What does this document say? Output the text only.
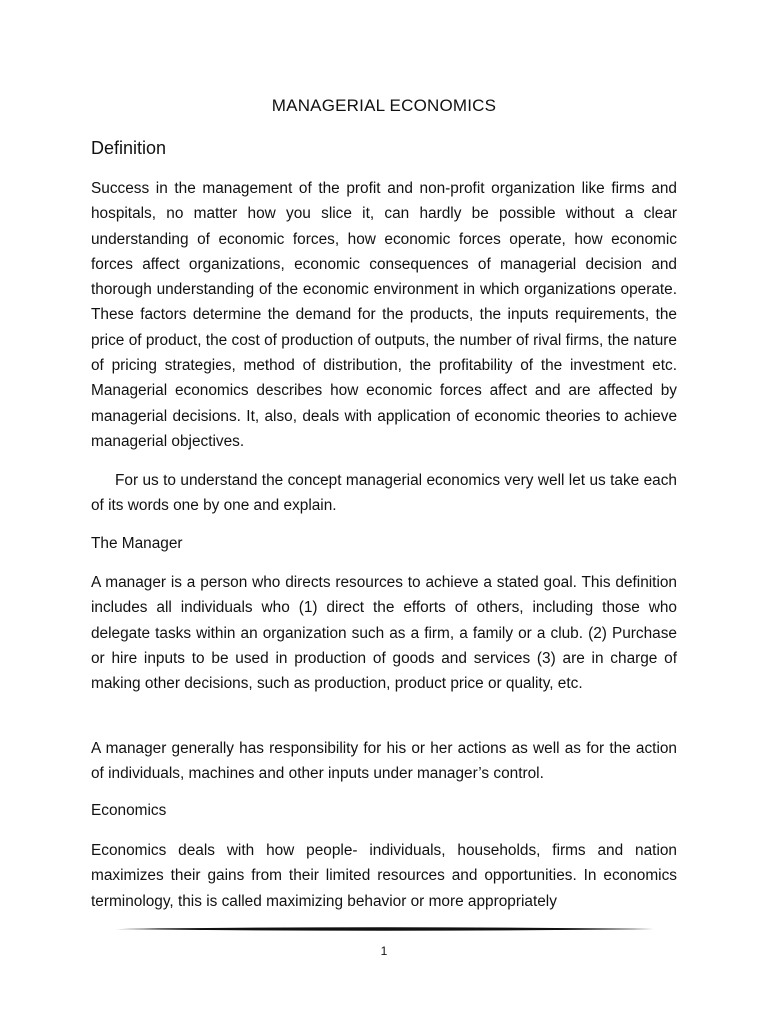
MANAGERIAL ECONOMICS
Definition

Success in the management of the profit and non-profit organization like firms and hospitals, no matter how you slice it, can hardly be possible without a clear understanding of economic forces, how economic forces operate, how economic forces affect organizations, economic consequences of managerial decision and thorough understanding of the economic environment in which organizations operate. These factors determine the demand for the products, the inputs requirements, the price of product, the cost of production of outputs, the number of rival firms, the nature of pricing strategies, method of distribution, the profitability of the investment etc. Managerial economics describes how economic forces affect and are affected by managerial decisions. It, also, deals with application of economic theories to achieve managerial objectives.

For us to understand the concept managerial economics very well let us take each of its words one by one and explain.

The Manager

A manager is a person who directs resources to achieve a stated goal. This definition includes all individuals who (1) direct the efforts of others, including those who delegate tasks within an organization such as a firm, a family or a club. (2) Purchase or hire inputs to be used in production of goods and services (3) are in charge of making other decisions, such as production, product price or quality, etc.

A manager generally has responsibility for his or her actions as well as for the action of individuals, machines and other inputs under manager’s control.

Economics

Economics deals with how people- individuals, households, firms and nation maximizes their gains from their limited resources and opportunities. In economics terminology, this is called maximizing behavior or more appropriately

1
